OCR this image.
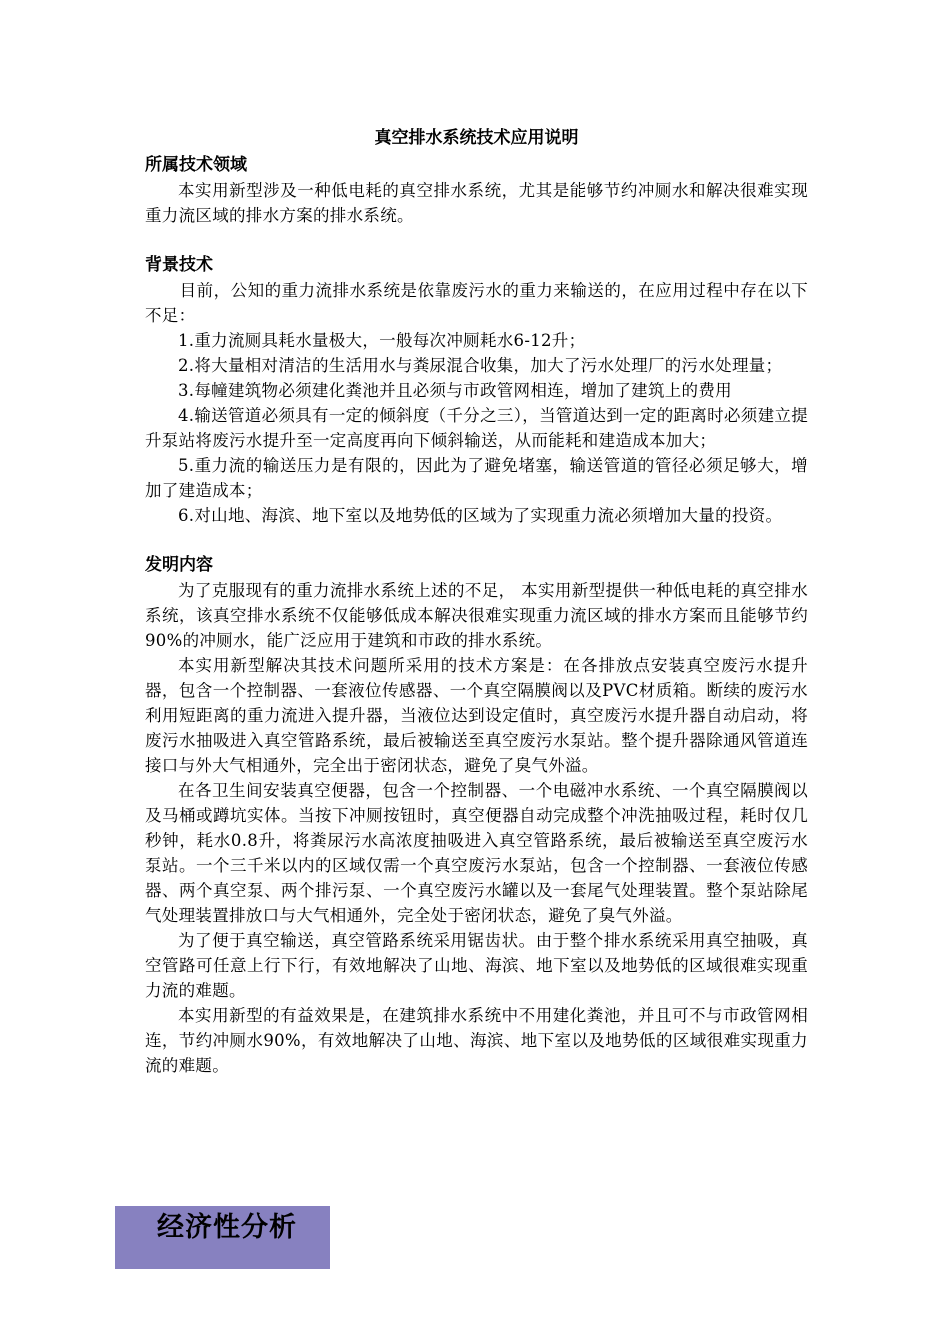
真空排水系统技术应用说明
所属技术领域

本实用新型涉及一种低电耗的真空排水系统，尤其是能够节约冲厕水和解决很难实现重力流区域的排水方案的排水系统。

背景技术

目前，公知的重力流排水系统是依靠废污水的重力来输送的，在应用过程中存在以下不足：

1.重力流厕具耗水量极大，一般每次冲厕耗水6-12升；

2.将大量相对清洁的生活用水与粪尿混合收集，加大了污水处理厂的污水处理量；

3.每幢建筑物必须建化粪池并且必须与市政管网相连，增加了建筑上的费用

4.输送管道必须具有一定的倾斜度（千分之三），当管道达到一定的距离时必须建立提升泵站将废污水提升至一定高度再向下倾斜输送，从而能耗和建造成本加大；

5.重力流的输送压力是有限的，因此为了避免堵塞，输送管道的管径必须足够大，增加了建造成本；

6.对山地、海滨、地下室以及地势低的区域为了实现重力流必须增加大量的投资。

发明内容

为了克服现有的重力流排水系统上述的不足， 本实用新型提供一种低电耗的真空排水系统，该真空排水系统不仅能够低成本解决很难实现重力流区域的排水方案而且能够节约90%的冲厕水，能广泛应用于建筑和市政的排水系统。

本实用新型解决其技术问题所采用的技术方案是：在各排放点安装真空废污水提升器，包含一个控制器、一套液位传感器、一个真空隔膜阀以及PVC材质箱。断续的废污水利用短距离的重力流进入提升器，当液位达到设定值时，真空废污水提升器自动启动，将废污水抽吸进入真空管路系统，最后被输送至真空废污水泵站。整个提升器除通风管道连接口与外大气相通外，完全出于密闭状态，避免了臭气外溢。

在各卫生间安装真空便器，包含一个控制器、一个电磁冲水系统、一个真空隔膜阀以及马桶或蹲坑实体。当按下冲厕按钮时，真空便器自动完成整个冲洗抽吸过程，耗时仅几秒钟，耗水0.8升，将粪尿污水高浓度抽吸进入真空管路系统，最后被输送至真空废污水泵站。一个三千米以内的区域仅需一个真空废污水泵站，包含一个控制器、一套液位传感器、两个真空泵、两个排污泵、一个真空废污水罐以及一套尾气处理装置。整个泵站除尾气处理装置排放口与大气相通外，完全处于密闭状态，避免了臭气外溢。

为了便于真空输送，真空管路系统采用锯齿状。由于整个排水系统采用真空抽吸，真空管路可任意上行下行，有效地解决了山地、海滨、地下室以及地势低的区域很难实现重力流的难题。

本实用新型的有益效果是，在建筑排水系统中不用建化粪池，并且可不与市政管网相连，节约冲厕水90%，有效地解决了山地、海滨、地下室以及地势低的区域很难实现重力流的难题。

经济性分析
